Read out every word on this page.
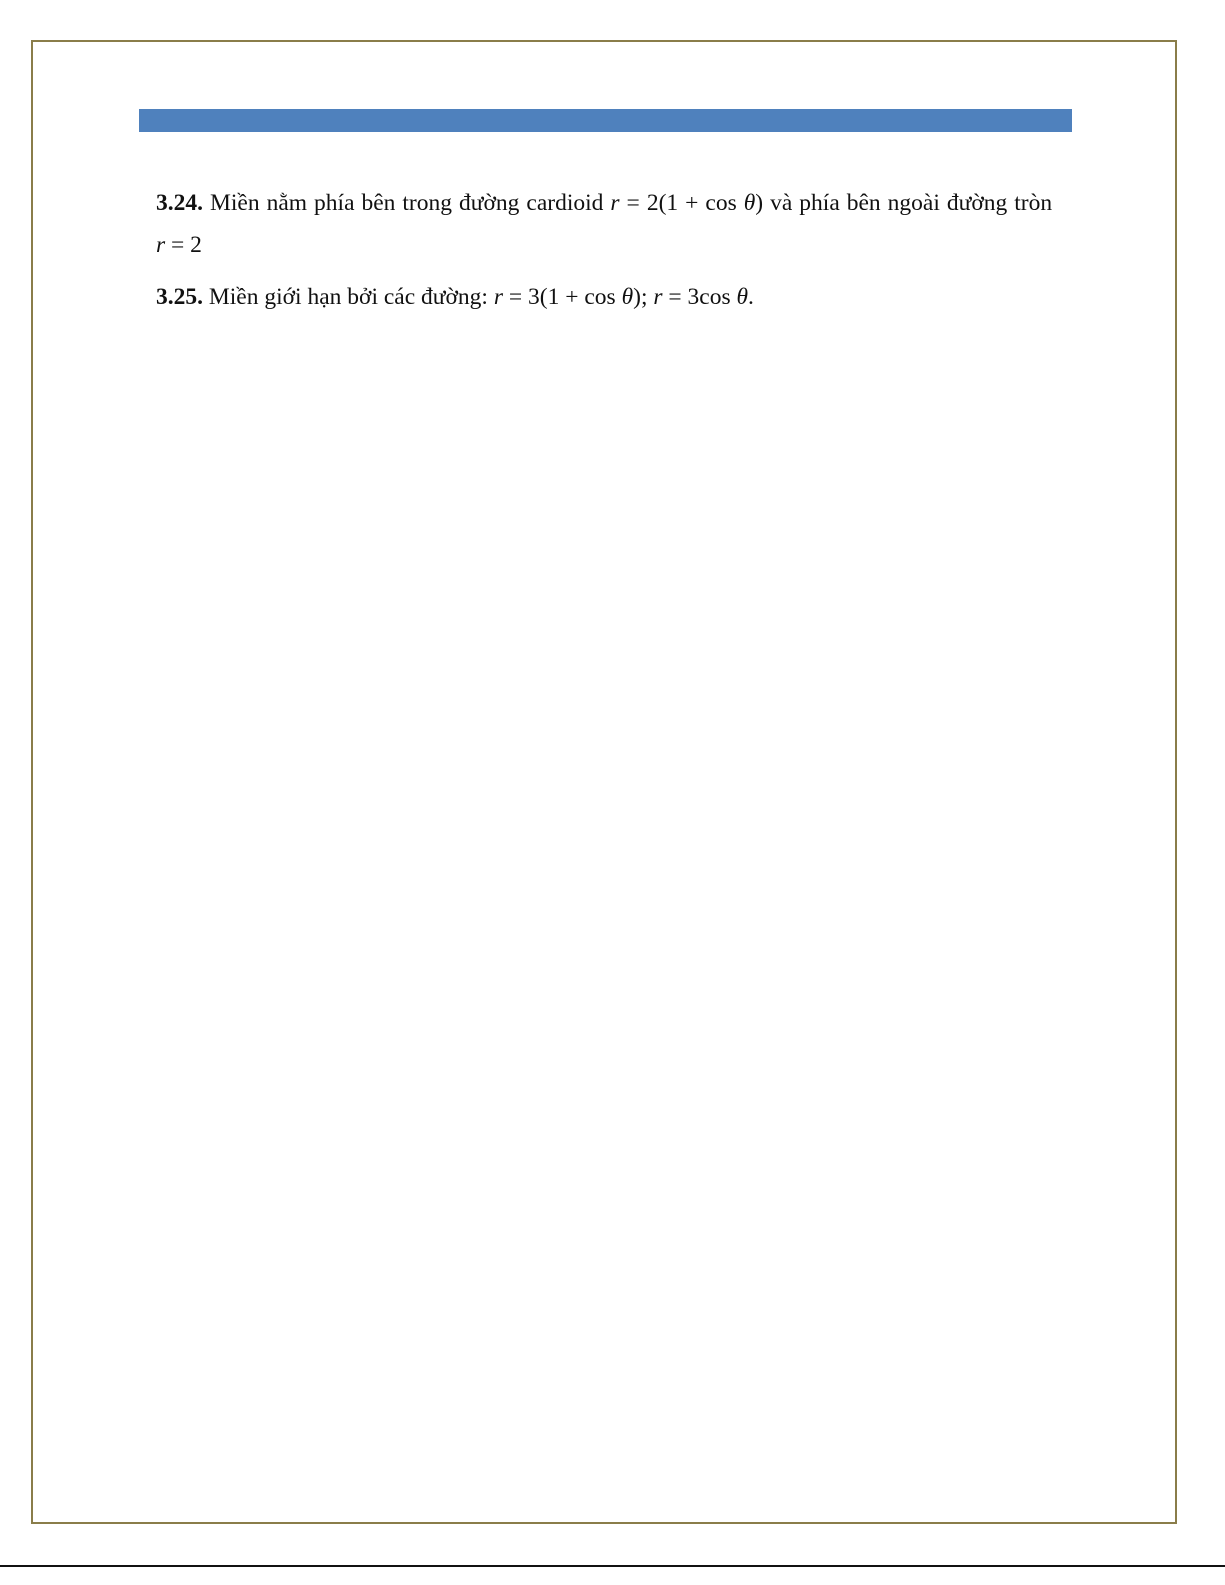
3.24. Miền nằm phía bên trong đường cardioid r = 2(1 + cos θ) và phía bên ngoài đường tròn r = 2

3.25. Miền giới hạn bởi các đường: r = 3(1 + cos θ); r = 3cos θ.
